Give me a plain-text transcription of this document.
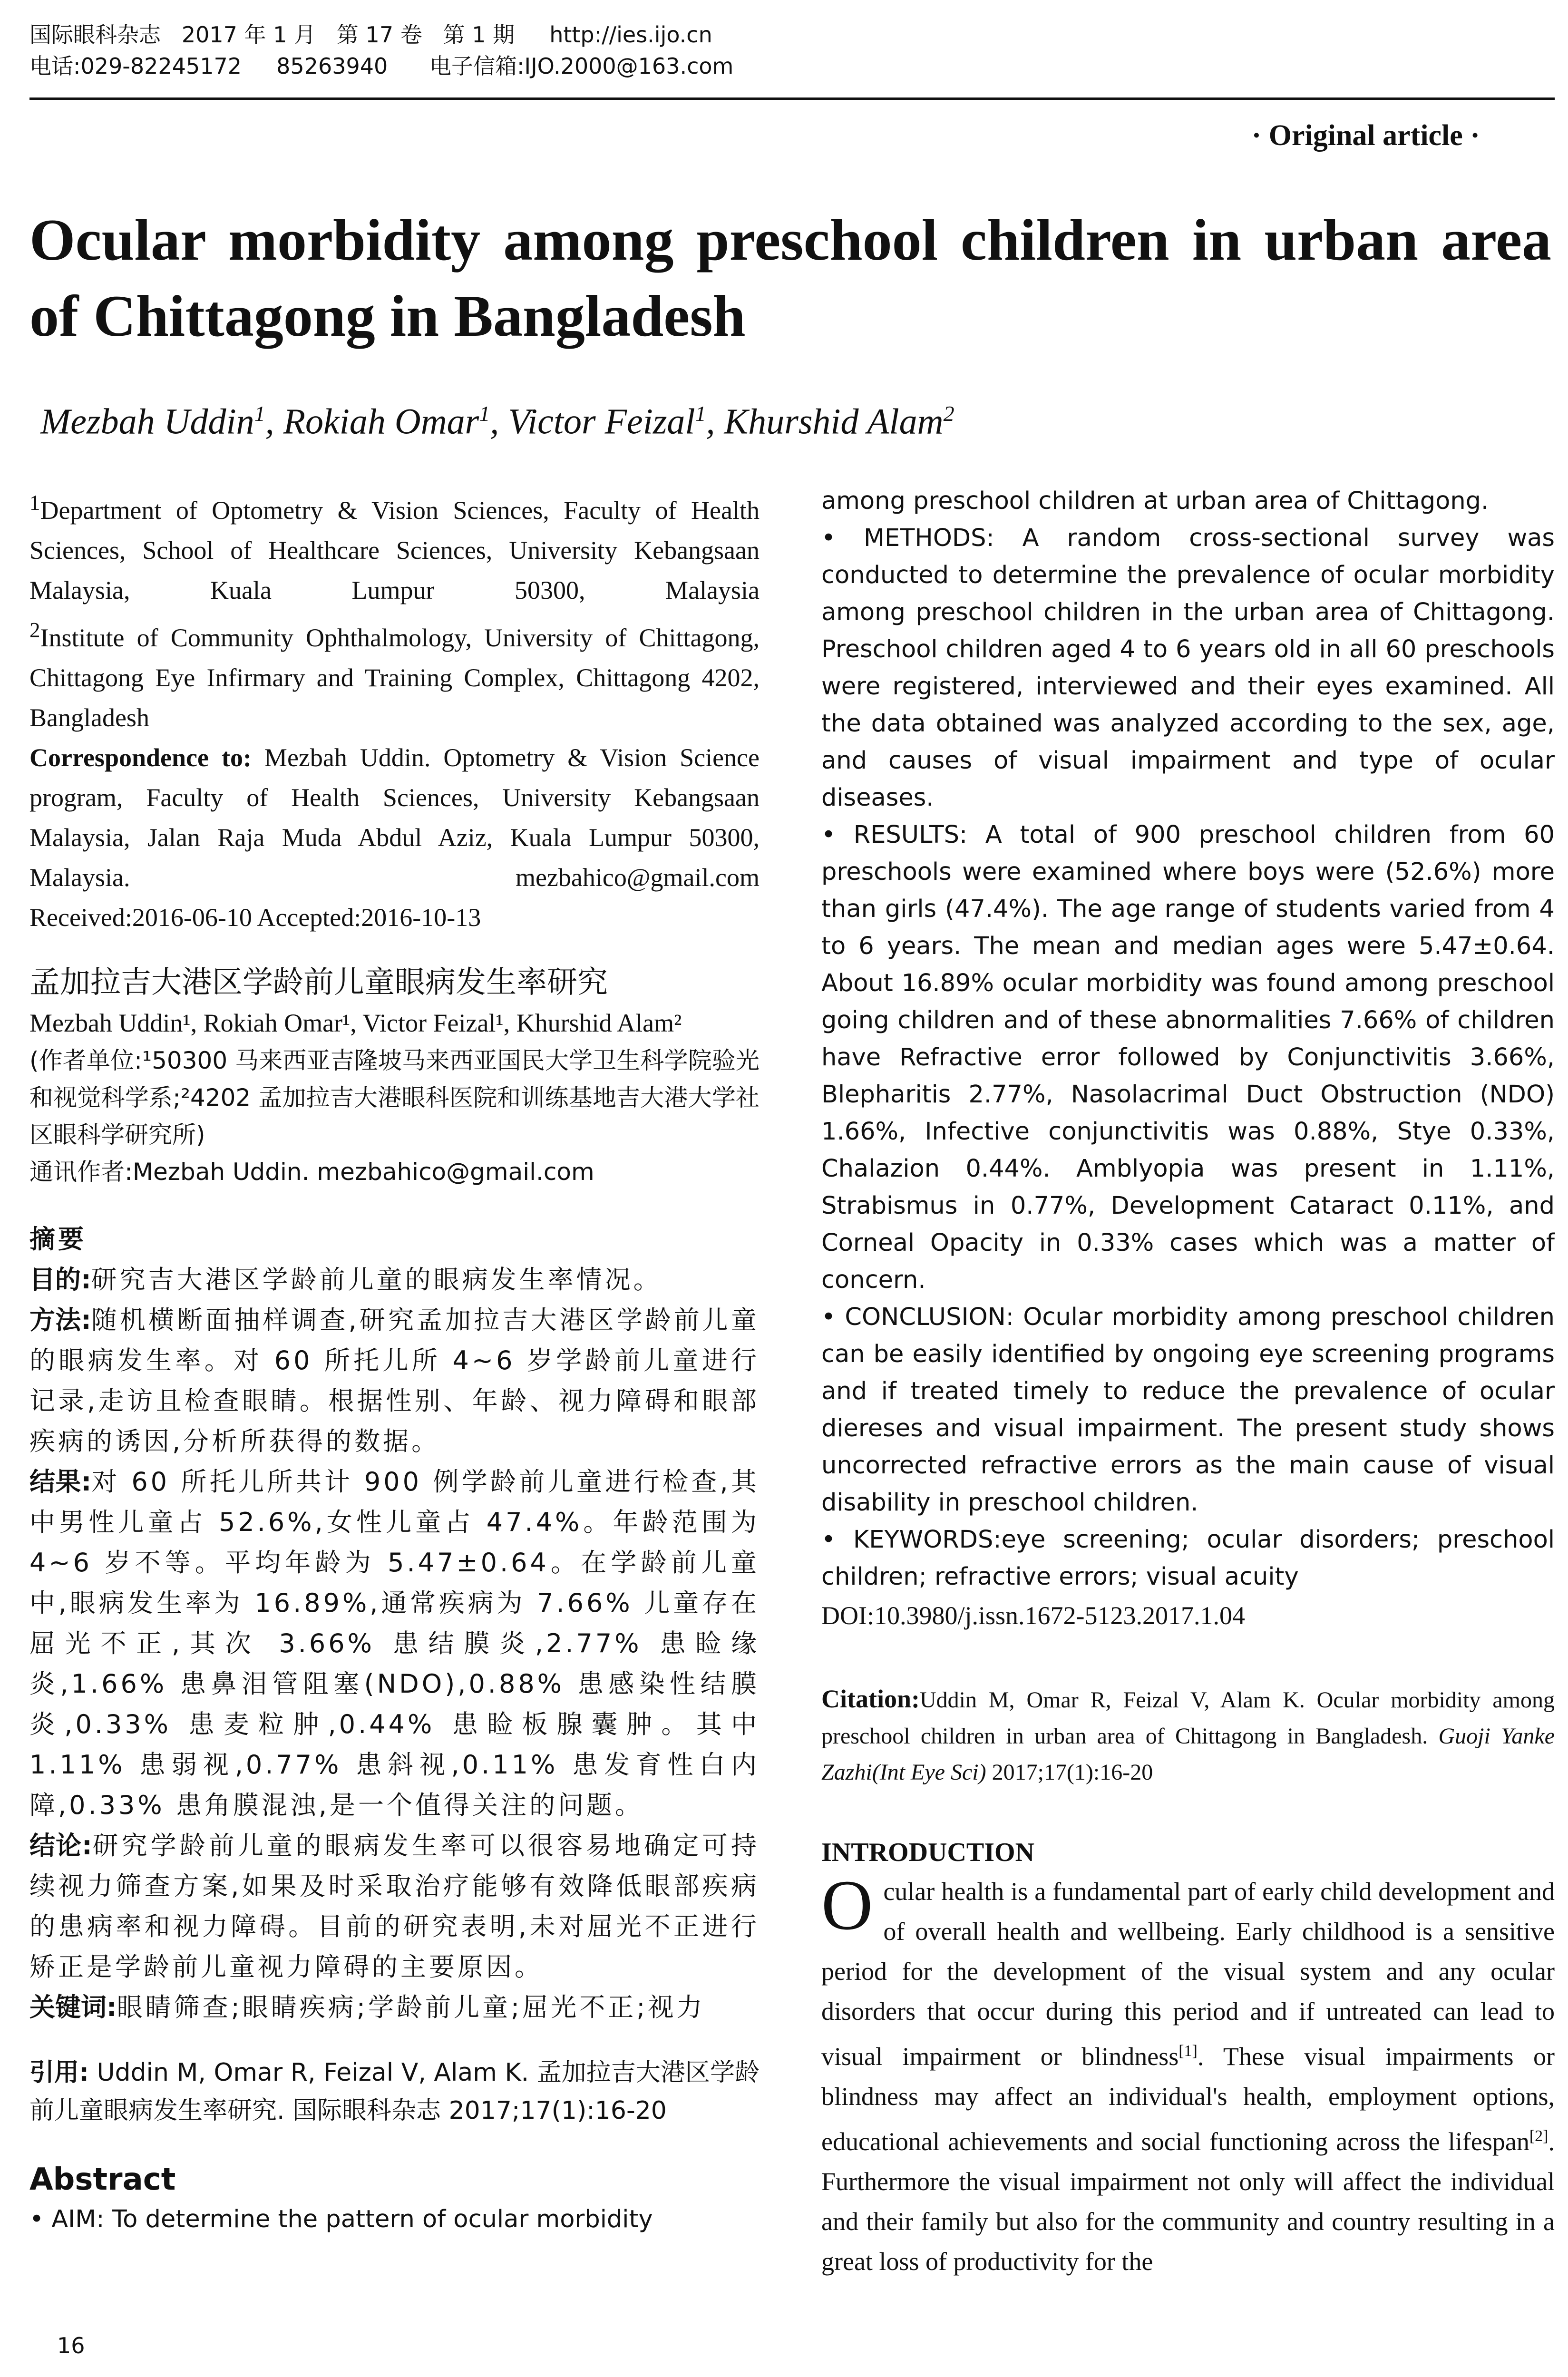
国际眼科杂志   2017 年 1 月   第 17 卷   第 1 期     http://ies.ijo.cn
电话:029-82245172     85263940      电子信箱:IJO.2000@163.com
· Original article ·
Ocular morbidity among preschool children in urban area of Chittagong in Bangladesh
Mezbah Uddin$^1$, Rokiah Omar$^1$, Victor Feizal$^1$, Khurshid Alam$^2$

$^1$Department of Optometry & Vision Sciences, Faculty of Health Sciences, School of Healthcare Sciences, University Kebangsaan Malaysia, Kuala Lumpur 50300, Malaysia

$^2$Institute of Community Ophthalmology, University of Chittagong, Chittagong Eye Infirmary and Training Complex, Chittagong 4202, Bangladesh

Correspondence to: Mezbah Uddin. Optometry & Vision Science program, Faculty of Health Sciences, University Kebangsaan Malaysia, Jalan Raja Muda Abdul Aziz, Kuala Lumpur 50300, Malaysia. mezbahico@gmail.com

Received:2016-06-10 Accepted:2016-10-13

孟加拉吉大港区学龄前儿童眼病发生率研究

Mezbah Uddin¹, Rokiah Omar¹, Victor Feizal¹, Khurshid Alam²

(作者单位:¹50300 马来西亚吉隆坡马来西亚国民大学卫生科学院验光和视觉科学系;²4202 孟加拉吉大港眼科医院和训练基地吉大港大学社区眼科学研究所)

通讯作者:Mezbah Uddin. mezbahico@gmail.com

摘要

目的:研究吉大港区学龄前儿童的眼病发生率情况。

方法:随机横断面抽样调查,研究孟加拉吉大港区学龄前儿童的眼病发生率。对 60 所托儿所 4~6 岁学龄前儿童进行记录,走访且检查眼睛。根据性别、年龄、视力障碍和眼部疾病的诱因,分析所获得的数据。

结果:对 60 所托儿所共计 900 例学龄前儿童进行检查,其中男性儿童占 52.6%,女性儿童占 47.4%。年龄范围为 4~6 岁不等。平均年龄为 5.47±0.64。在学龄前儿童中,眼病发生率为 16.89%,通常疾病为 7.66% 儿童存在屈光不正,其次 3.66% 患结膜炎,2.77% 患睑缘炎,1.66% 患鼻泪管阻塞(NDO),0.88% 患感染性结膜炎,0.33% 患麦粒肿,0.44% 患睑板腺囊肿。其中 1.11% 患弱视,0.77% 患斜视,0.11% 患发育性白内障,0.33% 患角膜混浊,是一个值得关注的问题。

结论:研究学龄前儿童的眼病发生率可以很容易地确定可持续视力筛查方案,如果及时采取治疗能够有效降低眼部疾病的患病率和视力障碍。目前的研究表明,未对屈光不正进行矫正是学龄前儿童视力障碍的主要原因。

关键词:眼睛筛查;眼睛疾病;学龄前儿童;屈光不正;视力

引用: Uddin M, Omar R, Feizal V, Alam K. 孟加拉吉大港区学龄前儿童眼病发生率研究. 国际眼科杂志 2017;17(1):16-20

Abstract

• AIM: To determine the pattern of ocular morbidity

among preschool children at urban area of Chittagong.

• METHODS: A random cross-sectional survey was conducted to determine the prevalence of ocular morbidity among preschool children in the urban area of Chittagong. Preschool children aged 4 to 6 years old in all 60 preschools were registered, interviewed and their eyes examined. All the data obtained was analyzed according to the sex, age, and causes of visual impairment and type of ocular diseases.

• RESULTS: A total of 900 preschool children from 60 preschools were examined where boys were (52.6%) more than girls (47.4%). The age range of students varied from 4 to 6 years. The mean and median ages were 5.47±0.64. About 16.89% ocular morbidity was found among preschool going children and of these abnormalities 7.66% of children have Refractive error followed by Conjunctivitis 3.66%, Blepharitis 2.77%, Nasolacrimal Duct Obstruction (NDO) 1.66%, Infective conjunctivitis was 0.88%, Stye 0.33%, Chalazion 0.44%. Amblyopia was present in 1.11%, Strabismus in 0.77%, Development Cataract 0.11%, and Corneal Opacity in 0.33% cases which was a matter of concern.

• CONCLUSION: Ocular morbidity among preschool children can be easily identified by ongoing eye screening programs and if treated timely to reduce the prevalence of ocular diereses and visual impairment. The present study shows uncorrected refractive errors as the main cause of visual disability in preschool children.

• KEYWORDS:eye screening; ocular disorders; preschool children; refractive errors; visual acuity

DOI:10.3980/j.issn.1672-5123.2017.1.04

Citation:Uddin M, Omar R, Feizal V, Alam K. Ocular morbidity among preschool children in urban area of Chittagong in Bangladesh. Guoji Yanke Zazhi(Int Eye Sci) 2017;17(1):16-20

INTRODUCTION

Ocular health is a fundamental part of early child development and of overall health and wellbeing. Early childhood is a sensitive period for the development of the visual system and any ocular disorders that occur during this period and if untreated can lead to visual impairment or blindness[1]. These visual impairments or blindness may affect an individual's health, employment options, educational achievements and social functioning across the lifespan[2]. Furthermore the visual impairment not only will affect the individual and their family but also for the community and country resulting in a great loss of productivity for the

16
